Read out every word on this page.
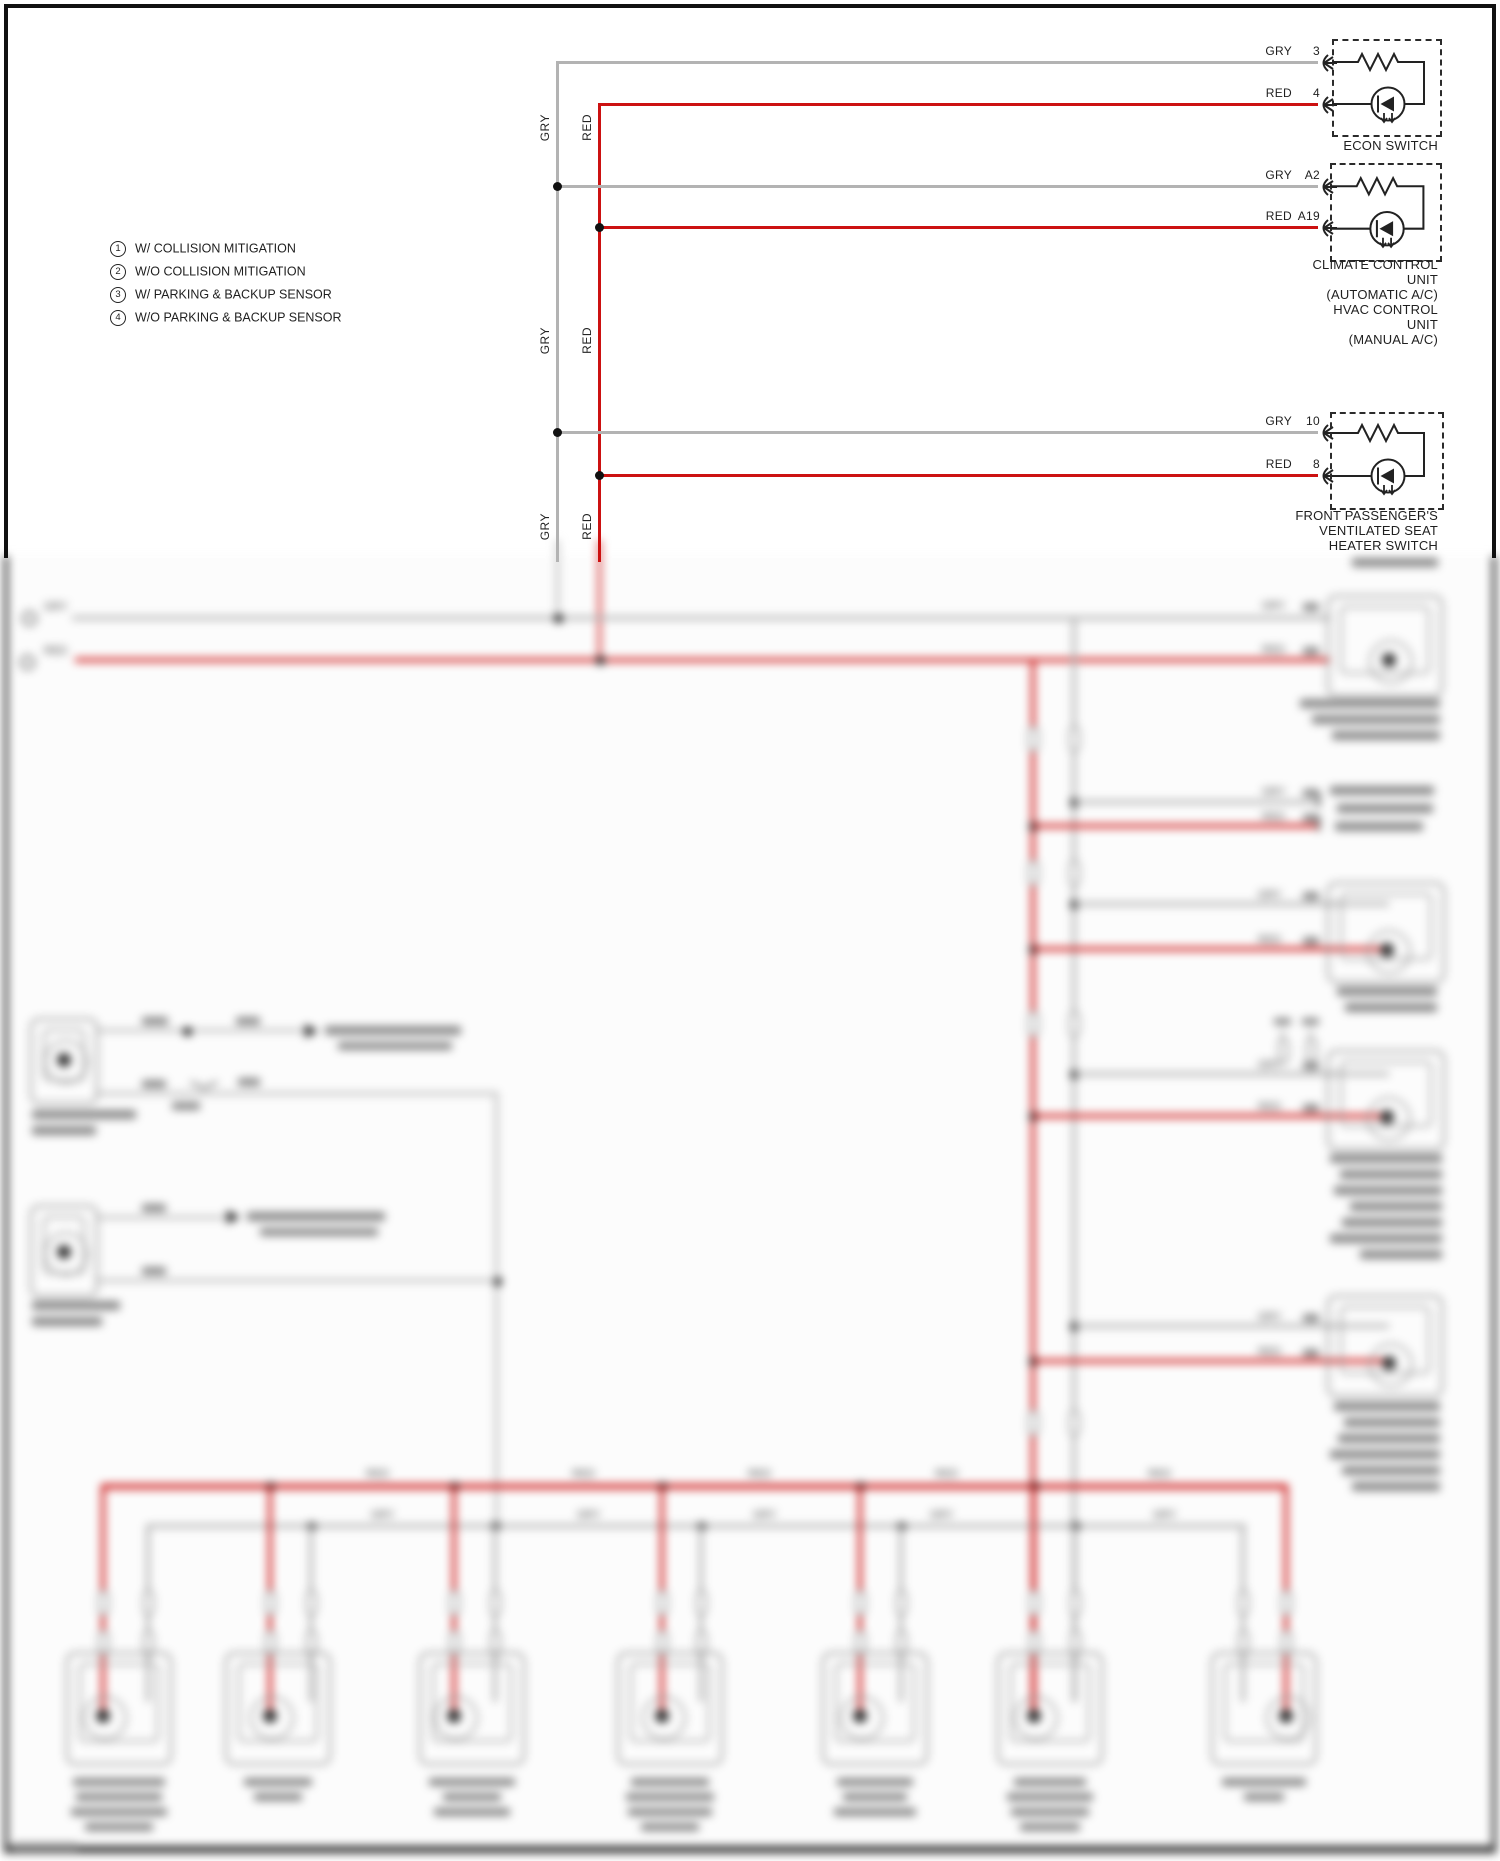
GRY
RED
GRY
RED
GRY
RED
GRY
RED
GRY
RED
GRY
RED
RED	RED	RED	RED	RED
GRY	GRY	GRY	GRY	GRY
1 W/ COLLISION MITIGATION
2 W/O COLLISION MITIGATION
3 W/ PARKING & BACKUP SENSOR
4 W/O PARKING & BACKUP SENSOR
GRY RED
GRY RED
GRY RED
GRY	3
RED	4
GRY	A2
RED A19
GRY	10
RED	8
ECON SWITCH
CLIMATE CONTROL
UNIT
(AUTOMATIC A/C)
HVAC CONTROL
UNIT
(MANUAL A/C)
FRONT PASSENGER'S
VENTILATED SEAT
HEATER SWITCH
